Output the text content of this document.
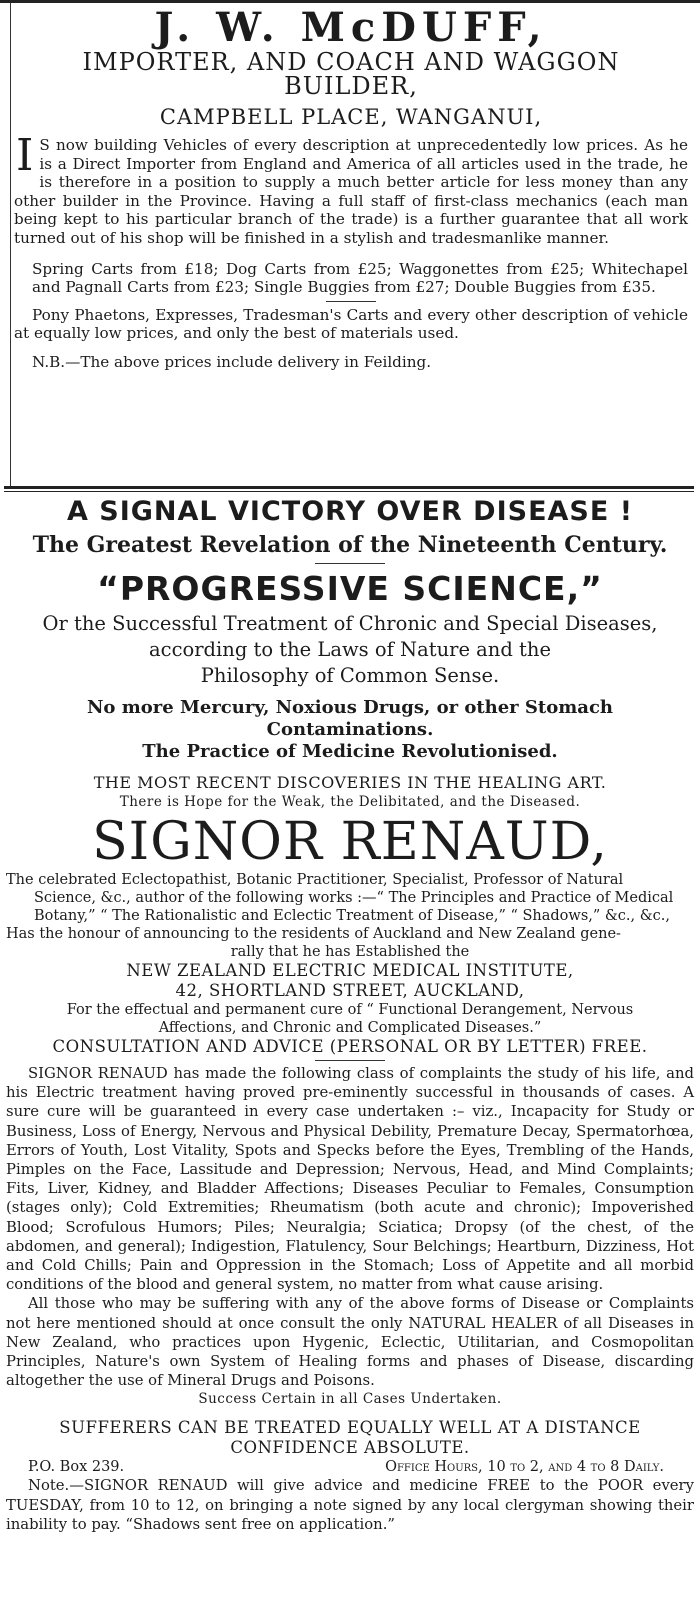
J. W. McDUFF,
IMPORTER, AND COACH AND WAGGON
BUILDER,
CAMPBELL PLACE, WANGANUI,
I S now building Vehicles of every description at unprecedentedly low prices. As he is a Direct Importer from England and America of all articles used in the trade, he is therefore in a position to supply a much better article for less money than any other builder in the Province. Having a full staff of first-class mechanics (each man being kept to his particular branch of the trade) is a further guarantee that all work turned out of his shop will be finished in a stylish and tradesmanlike manner.
Spring Carts from £18; Dog Carts from £25; Waggonettes from £25; Whitechapel and Pagnall Carts from £23; Single Buggies from £27; Double Buggies from £35.
Pony Phaetons, Expresses, Tradesman's Carts and every other description of vehicle at equally low prices, and only the best of materials used.
N.B.—The above prices include delivery in Feilding.
A SIGNAL VICTORY OVER DISEASE !
The Greatest Revelation of the Nineteenth Century.
“PROGRESSIVE SCIENCE,”
Or the Successful Treatment of Chronic and Special Diseases,
according to the Laws of Nature and the
Philosophy of Common Sense.
No more Mercury, Noxious Drugs, or other Stomach Contaminations.
The Practice of Medicine Revolutionised.
THE MOST RECENT DISCOVERIES IN THE HEALING ART.
There is Hope for the Weak, the Delibitated, and the Diseased.
SIGNOR RENAUD,
The celebrated Eclectopathist, Botanic Practitioner, Specialist, Professor of Natural
Science, &c., author of the following works :—“ The Principles and Practice of Medical Botany,” “ The Rationalistic and Eclectic Treatment of Disease,” “ Shadows,” &c., &c.,
Has the honour of announcing to the residents of Auckland and New Zealand gene-
rally that he has Established the
NEW ZEALAND ELECTRIC MEDICAL INSTITUTE,
42, SHORTLAND STREET, AUCKLAND,
For the effectual and permanent cure of “ Functional Derangement, Nervous
Affections, and Chronic and Complicated Diseases.”
CONSULTATION AND ADVICE (PERSONAL OR BY LETTER) FREE.
SIGNOR RENAUD has made the following class of complaints the study of his life, and his Electric treatment having proved pre-eminently successful in thousands of cases. A sure cure will be guaranteed in every case undertaken :– viz., Incapacity for Study or Business, Loss of Energy, Nervous and Physical Debility, Premature Decay, Spermatorhœa, Errors of Youth, Lost Vitality, Spots and Specks before the Eyes, Trembling of the Hands, Pimples on the Face, Lassitude and Depression; Nervous, Head, and Mind Complaints; Fits, Liver, Kidney, and Bladder Affections; Diseases Peculiar to Females, Consumption (stages only); Cold Extremities; Rheumatism (both acute and chronic); Impoverished Blood; Scrofulous Humors; Piles; Neuralgia; Sciatica; Dropsy (of the chest, of the abdomen, and general); Indigestion, Flatulency, Sour Belchings; Heartburn, Dizziness, Hot and Cold Chills; Pain and Oppression in the Stomach; Loss of Appetite and all morbid conditions of the blood and general system, no matter from what cause arising.
All those who may be suffering with any of the above forms of Disease or Complaints not here mentioned should at once consult the only NATURAL HEALER of all Diseases in New Zealand, who practices upon Hygenic, Eclectic, Utilitarian, and Cosmopolitan Principles, Nature's own System of Healing forms and phases of Disease, discarding altogether the use of Mineral Drugs and Poisons.
Success Certain in all Cases Undertaken.
SUFFERERS CAN BE TREATED EQUALLY WELL AT A DISTANCE
CONFIDENCE ABSOLUTE.
P.O. Box 239.	Office Hours, 10 to 2, and 4 to 8 Daily.
Note.—SIGNOR RENAUD will give advice and medicine FREE to the POOR every TUESDAY, from 10 to 12, on bringing a note signed by any local clergyman showing their inability to pay. “Shadows sent free on application.”
